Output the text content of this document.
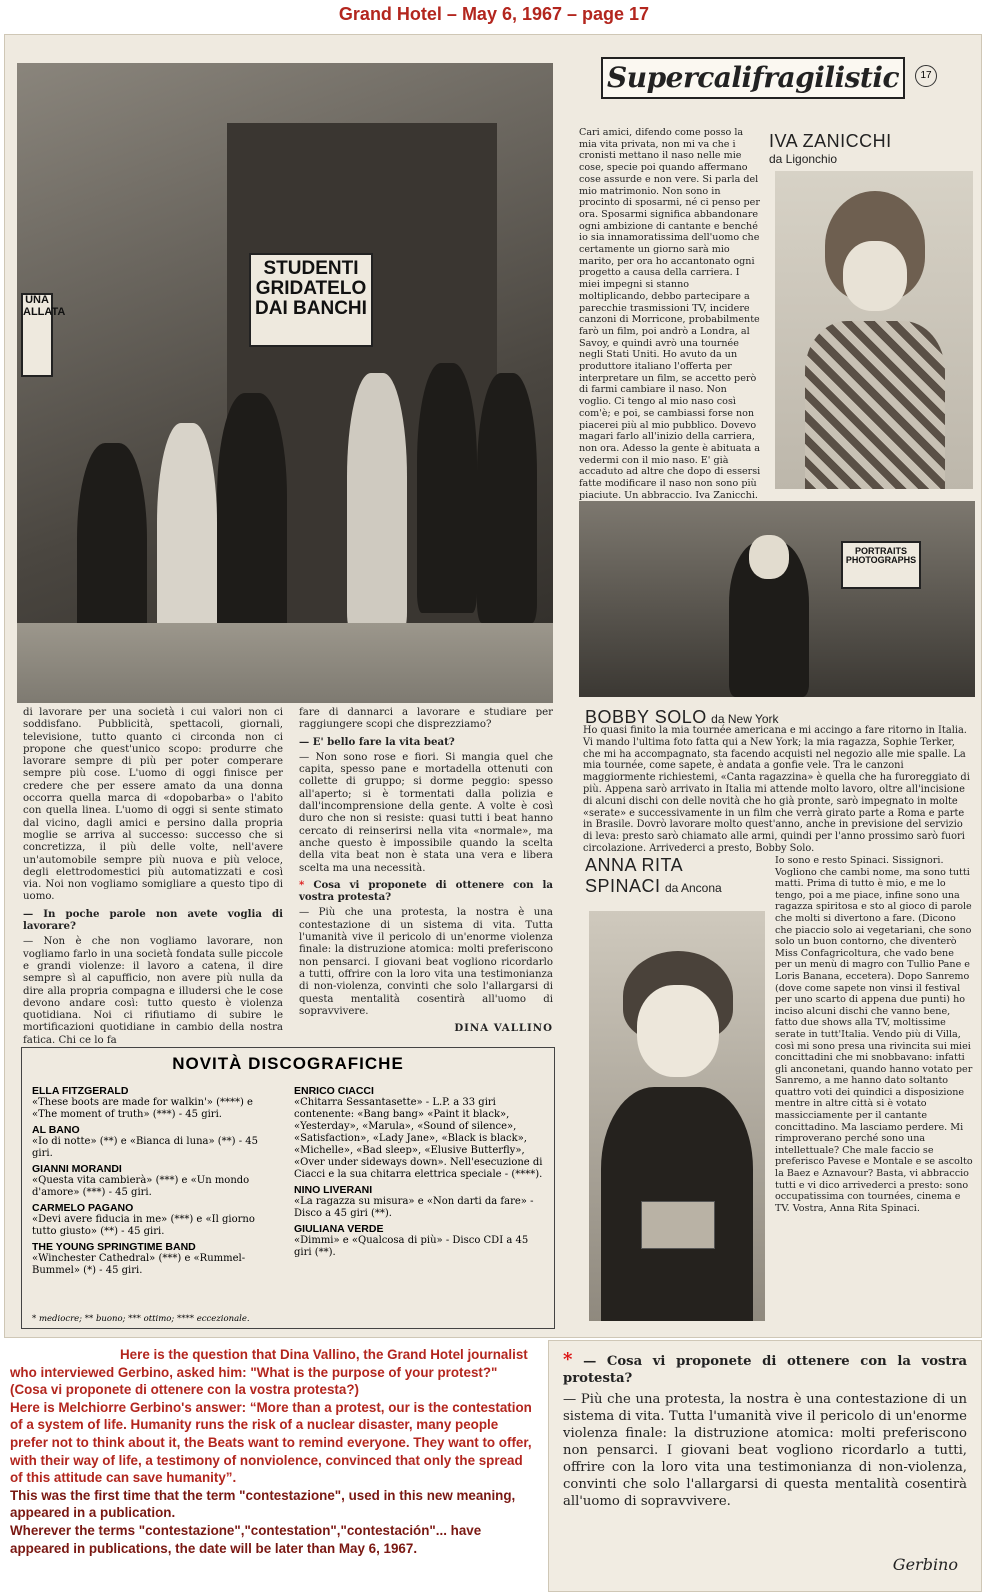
Grand Hotel – May 6, 1967 – page 17
STUDENTI GRIDATELO DAI BANCHI
UNA ALLATA

di lavorare per una società i cui valori non ci soddisfano. Pubblicità, spettacoli, giornali, televisione, tutto quanto ci circonda non ci propone che quest'unico scopo: produrre che lavorare sempre di più per poter comperare sempre più cose. L'uomo di oggi finisce per credere che per essere amato da una donna occorra quella marca di «dopobarba» o l'abito con quella linea. L'uomo di oggi si sente stimato dal vicino, dagli amici e persino dalla propria moglie se arriva al successo: successo che si concretizza, il più delle volte, nell'avere un'automobile sempre più nuova e più veloce, degli elettrodomestici più automatizzati e così via. Noi non vogliamo somigliare a questo tipo di uomo.

— In poche parole non avete voglia di lavorare?

— Non è che non vogliamo lavorare, non vogliamo farlo in una società fondata sulle piccole e grandi violenze: il lavoro a catena, il dire sempre sì al capufficio, non avere più nulla da dire alla propria compagna e illudersi che le cose devono andare così: tutto questo è violenza quotidiana. Noi ci rifiutiamo di subire le mortificazioni quotidiane in cambio della nostra fatica. Chi ce lo fa

fare di dannarci a lavorare e studiare per raggiungere scopi che disprezziamo?

— E' bello fare la vita beat?

— Non sono rose e fiori. Si mangia quel che capita, spesso pane e mortadella ottenuti con collette di gruppo; si dorme peggio: spesso all'aperto; si è tormentati dalla polizia e dall'incomprensione della gente. A volte è così duro che non si resiste: quasi tutti i beat hanno cercato di reinserirsi nella vita «normale», ma anche questo è impossibile quando la scelta della vita beat non è stata una vera e libera scelta ma una necessità.

* Cosa vi proponete di ottenere con la vostra protesta?

— Più che una protesta, la nostra è una contestazione di un sistema di vita. Tutta l'umanità vive il pericolo di un'enorme violenza finale: la distruzione atomica: molti preferiscono non pensarci. I giovani beat vogliono ricordarlo a tutti, offrire con la loro vita una testimonianza di non-violenza, convinti che solo l'allargarsi di questa mentalità cosentirà all'uomo di sopravvivere.

DINA VALLINO

NOVITÀ DISCOGRAFICHE
ELLA FITZGERALD
«These boots are made for walkin'» (****) e «The moment of truth» (***) - 45 giri.
AL BANO
«Io di notte» (**) e «Bianca di luna» (**) - 45 giri.
GIANNI MORANDI
«Questa vita cambierà» (***) e «Un mondo d'amore» (***) - 45 giri.
CARMELO PAGANO
«Devi avere fiducia in me» (***) e «Il giorno tutto giusto» (**) - 45 giri.
THE YOUNG SPRINGTIME BAND
«Winchester Cathedral» (***) e «Rummel-Bummel» (*) - 45 giri.
ENRICO CIACCI
«Chitarra Sessantasette» - L.P. a 33 giri contenente: «Bang bang» «Paint it black», «Yesterday», «Marula», «Sound of silence», «Satisfaction», «Lady Jane», «Black is black», «Michelle», «Bad sleep», «Elusive Butterfly», «Over under sideways down». Nell'esecuzione di Ciacci e la sua chitarra elettrica speciale - (****).
NINO LIVERANI
«La ragazza su misura» e «Non darti da fare» - Disco a 45 giri (**).
GIULIANA VERDE
«Dimmi» e «Qualcosa di più» - Disco CDI a 45 giri (**).
* mediocre; ** buono; *** ottimo; **** eccezionale.
Supercalifragilistic	17

Cari amici, difendo come posso la mia vita privata, non mi va che i cronisti mettano il naso nelle mie cose, specie poi quando affermano cose assurde e non vere. Si parla del mio matrimonio. Non sono in procinto di sposarmi, né ci penso per ora. Sposarmi significa abbandonare ogni ambizione di cantante e benché io sia innamoratissima dell'uomo che certamente un giorno sarà mio marito, per ora ho accantonato ogni progetto a causa della carriera. I miei impegni si stanno moltiplicando, debbo partecipare a parecchie trasmissioni TV, incidere canzoni di Morricone, probabilmente farò un film, poi andrò a Londra, al Savoy, e quindi avrò una tournée negli Stati Uniti. Ho avuto da un produttore italiano l'offerta per interpretare un film, se accetto però di farmi cambiare il naso. Non voglio. Ci tengo al mio naso così com'è; e poi, se cambiassi forse non piacerei più al mio pubblico. Dovevo magari farlo all'inizio della carriera, non ora. Adesso la gente è abituata a vedermi con il mio naso. E' già accaduto ad altre che dopo di essersi fatte modificare il naso non sono più piaciute. Un abbraccio. Iva Zanicchi.

IVA ZANICCHI
da Ligonchio
PORTRAITS PHOTOGRAPHS
BOBBY SOLO da New York

Ho quasi finito la mia tournée americana e mi accingo a fare ritorno in Italia. Vi mando l'ultima foto fatta qui a New York; la mia ragazza, Sophie Terker, che mi ha accompagnato, sta facendo acquisti nel negozio alle mie spalle. La mia tournée, come sapete, è andata a gonfie vele. Tra le canzoni maggiormente richiestemi, «Canta ragazzina» è quella che ha furoreggiato di più. Appena sarò arrivato in Italia mi attende molto lavoro, oltre all'incisione di alcuni dischi con delle novità che ho già pronte, sarò impegnato in molte «serate» e successivamente in un film che verrà girato parte a Roma e parte in Brasile. Dovrò lavorare molto quest'anno, anche in previsione del servizio di leva: presto sarò chiamato alle armi, quindi per l'anno prossimo sarò fuori circolazione. Arrivederci a presto, Bobby Solo.

ANNA RITA
SPINACI da Ancona

Io sono e resto Spinaci. Sissignori. Vogliono che cambi nome, ma sono tutti matti. Prima di tutto è mio, e me lo tengo, poi a me piace, infine sono una ragazza spiritosa e sto al gioco di parole che molti si divertono a fare. (Dicono che piaccio solo ai vegetariani, che sono solo un buon contorno, che diventerò Miss Confagricoltura, che vado bene per un menù di magro con Tullio Pane e Loris Banana, eccetera). Dopo Sanremo (dove come sapete non vinsi il festival per uno scarto di appena due punti) ho inciso alcuni dischi che vanno bene, fatto due shows alla TV, moltissime serate in tutt'Italia. Vendo più di Villa, così mi sono presa una rivincita sui miei concittadini che mi snobbavano: infatti gli anconetani, quando hanno votato per Sanremo, a me hanno dato soltanto quattro voti dei quindici a disposizione mentre in altre città si è votato massicciamente per il cantante concittadino. Ma lasciamo perdere. Mi rimproverano perché sono una intellettuale? Che male faccio se preferisco Pavese e Montale e se ascolto la Baez e Aznavour? Basta, vi abbraccio tutti e vi dico arrivederci a presto: sono occupatissima con tournées, cinema e TV. Vostra, Anna Rita Spinaci.

Here is the question that Dina Vallino, the Grand Hotel journalist who interviewed Gerbino, asked him: "What is the purpose of your protest?" (Cosa vi proponete di ottenere con la vostra protesta?)
Here is Melchiorre Gerbino's answer: “More than a protest, our is the contestation of a system of life. Humanity runs the risk of a nuclear disaster, many people prefer not to think about it, the Beats want to remind everyone. They want to offer, with their way of life, a testimony of nonviolence, convinced that only the spread of this attitude can save humanity”.
This was the first time that the term "contestazione", used in this new meaning, appeared in a publication.
Wherever the terms "contestazione","contestation","contestación"... have appeared in publications, the date will be later than May 6, 1967.

* — Cosa vi proponete di ottenere con la vostra protesta?

— Più che una protesta, la nostra è una contestazione di un sistema di vita. Tutta l'umanità vive il pericolo di un'enorme violenza finale: la distruzione atomica: molti preferiscono non pensarci. I giovani beat vogliono ricordarlo a tutti, offrire con la loro vita una testimonianza di non-violenza, convinti che solo l'allargarsi di questa mentalità cosentirà all'uomo di sopravvivere.

Gerbino
